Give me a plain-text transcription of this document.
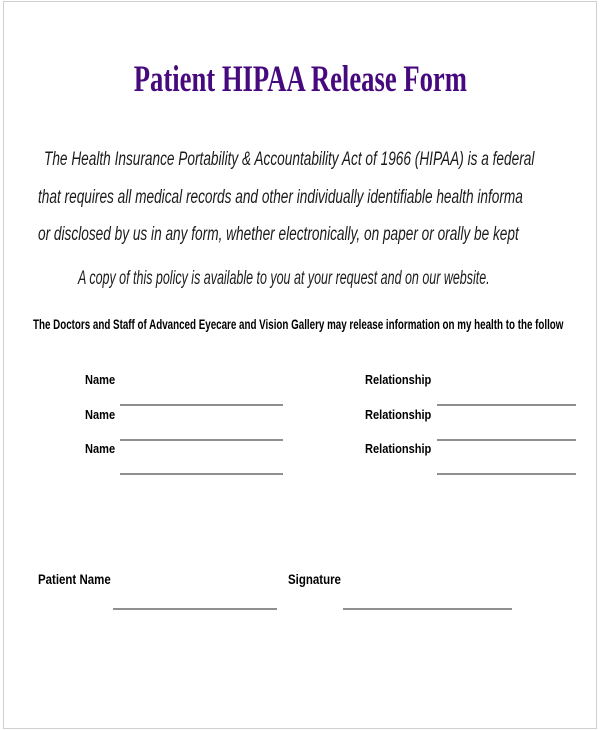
Patient HIPAA Release Form
The Health Insurance Portability & Accountability Act of 1966 (HIPAA) is a federal
that requires all medical records and other individually identifiable health informa
or disclosed by us in any form, whether electronically, on paper or orally be kept
A copy of this policy is available to you at your request and on our website.
The Doctors and Staff of Advanced Eyecare and Vision Gallery may release information on my health to the follow
Name	Relationship
Name	Relationship
Name	Relationship
Patient Name	Signature
